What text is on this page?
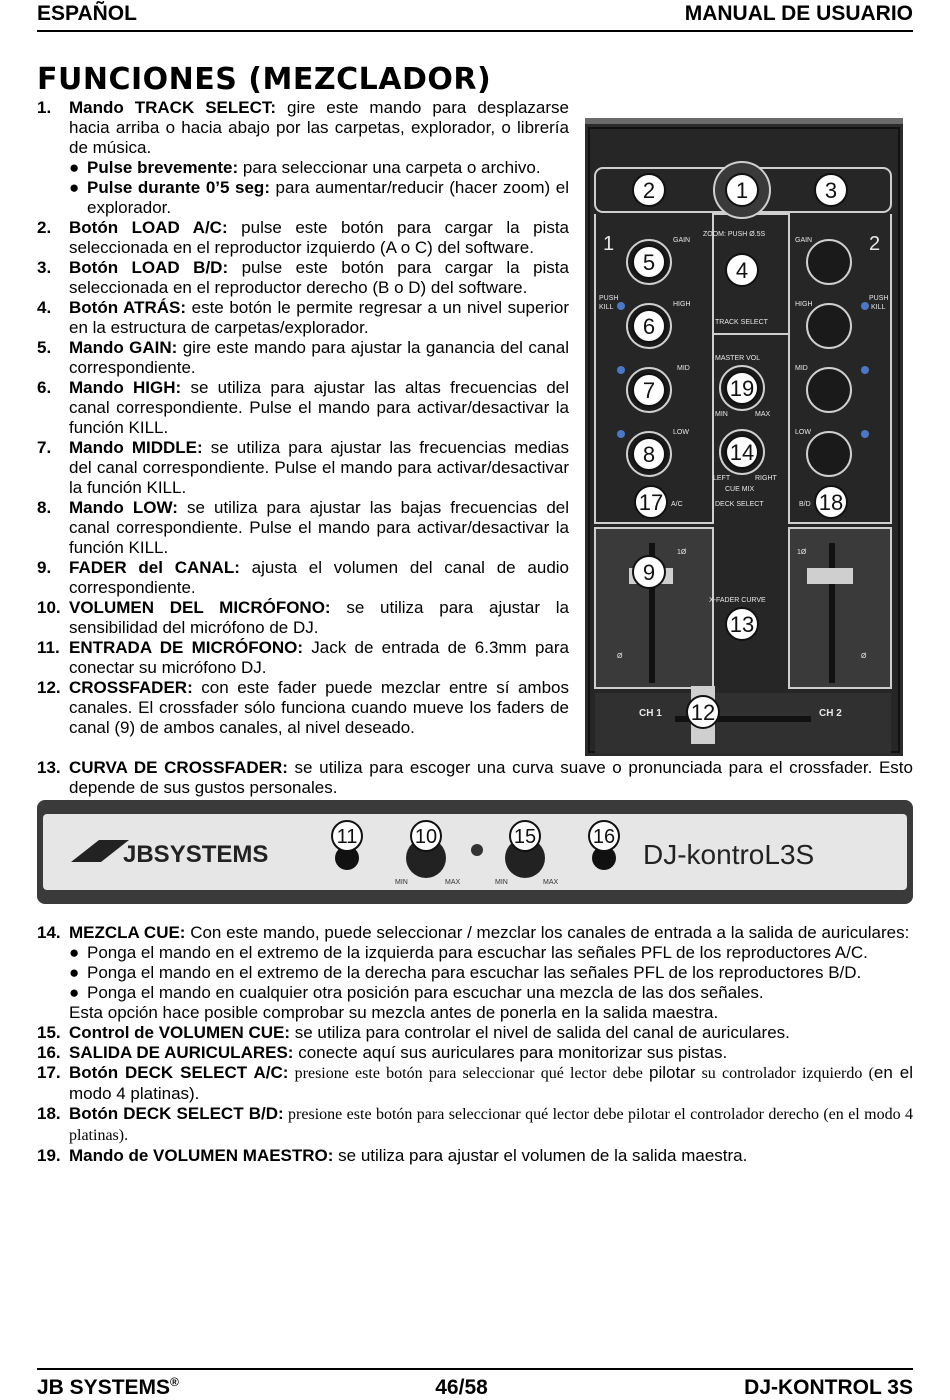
ESPAÑOL	MANUAL DE USUARIO
FUNCIONES (MEZCLADOR)
1.	Mando TRACK SELECT: gire este mando para desplazarse hacia arriba o hacia abajo por las carpetas, explorador, o librería de música.
● Pulse brevemente: para seleccionar una carpeta o archivo.
● Pulse durante 0’5 seg: para aumentar/reducir (hacer zoom) el explorador.
2.	Botón LOAD A/C: pulse este botón para cargar la pista seleccionada en el reproductor izquierdo (A o C) del software.
3.	Botón LOAD B/D: pulse este botón para cargar la pista seleccionada en el reproductor derecho (B o D) del software.
4.	Botón ATRÁS: este botón le permite regresar a un nivel superior en la estructura de carpetas/explorador.
5.	Mando GAIN: gire este mando para ajustar la ganancia del canal correspondiente.
6.	Mando HIGH: se utiliza para ajustar las altas frecuencias del canal correspondiente. Pulse el mando para activar/desactivar la función KILL.
7.	Mando MIDDLE: se utiliza para ajustar las frecuencias medias del canal correspondiente. Pulse el mando para activar/desactivar la función KILL.
8.	Mando LOW: se utiliza para ajustar las bajas frecuencias del canal correspondiente. Pulse el mando para activar/desactivar la función KILL.
9.	FADER del CANAL: ajusta el volumen del canal de audio correspondiente.
10. VOLUMEN DEL MICRÓFONO: se utiliza para ajustar la sensibilidad del micrófono de DJ.
11. ENTRADA DE MICRÓFONO: Jack de entrada de 6.3mm para conectar su micrófono DJ.
12. CROSSFADER: con este fader puede mezclar entre sí ambos canales. El crossfader sólo funciona cuando mueve los faders de canal (9) de ambos canales, al nivel deseado.
ZOOM: PUSH Ø.5S
TRACK SELECT
GAIN	GAIN
HIGH	HIGH
MID	MID
LOW	LOW
PUSH
KILL
PUSH
KILL
MASTER VOL
MIN	MAX
LEFT	RIGHT
CUE MIX
A/C	DECK SELECT	B/D
X-FADER CURVE
1Ø	1Ø
Ø	Ø
CH 1	CH 2
1	2
1
2	3
4
5
6
7
8
9
12
13
14
17	18
19
13. CURVA DE CROSSFADER: se utiliza para escoger una curva suave o pronunciada para el crossfader. Esto depende de sus gustos personales.
JBSYSTEMS	DJ-kontroL3S
MIN	MAX	MIN	MAX
11	10	15	16
14. MEZCLA CUE: Con este mando, puede seleccionar / mezclar los canales de entrada a la salida de auriculares:
● Ponga el mando en el extremo de la izquierda para escuchar las señales PFL de los reproductores A/C.
● Ponga el mando en el extremo de la derecha para escuchar las señales PFL de los reproductores B/D.
● Ponga el mando en cualquier otra posición para escuchar una mezcla de las dos señales.
Esta opción hace posible comprobar su mezcla antes de ponerla en la salida maestra.
15. Control de VOLUMEN CUE: se utiliza para controlar el nivel de salida del canal de auriculares.
16. SALIDA DE AURICULARES: conecte aquí sus auriculares para monitorizar sus pistas.
17. Botón DECK SELECT A/C: presione este botón para seleccionar qué lector debe pilotar su controlador izquierdo (en el modo 4 platinas).
18. Botón DECK SELECT B/D: presione este botón para seleccionar qué lector debe pilotar el controlador derecho (en el modo 4 platinas).
19. Mando de VOLUMEN MAESTRO: se utiliza para ajustar el volumen de la salida maestra.
JB SYSTEMS®	46/58	DJ-KONTROL 3S
